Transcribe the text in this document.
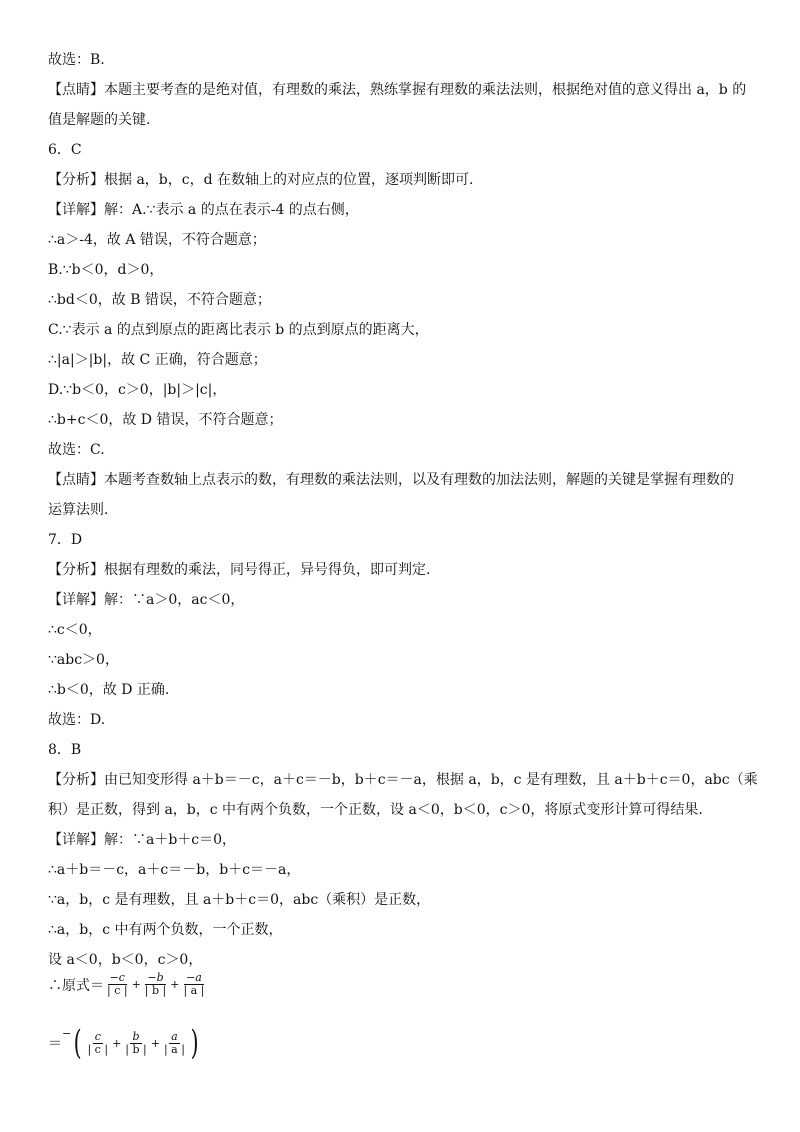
故选：B.
【点睛】本题主要考查的是绝对值，有理数的乘法，熟练掌握有理数的乘法法则，根据绝对值的意义得出 a，b 的
值是解题的关键.
6．C
【分析】根据 a，b，c，d 在数轴上的对应点的位置，逐项判断即可.
【详解】解：A.∵表示 a 的点在表示-4 的点右侧，
∴a＞-4，故 A 错误，不符合题意；
B.∵b＜0，d＞0，
∴bd＜0，故 B 错误，不符合题意；
C.∵表示 a 的点到原点的距离比表示 b 的点到原点的距离大，
∴|a|＞|b|，故 C 正确，符合题意；
D.∵b＜0，c＞0，|b|＞|c|，
∴b+c＜0，故 D 错误，不符合题意；
故选：C.
【点睛】本题考查数轴上点表示的数，有理数的乘法法则，以及有理数的加法法则，解题的关键是掌握有理数的
运算法则.
7．D
【分析】根据有理数的乘法，同号得正，异号得负，即可判定.
【详解】解：∵a＞0，ac＜0，
∴c＜0，
∵abc＞0，
∴b＜0，故 D 正确.
故选：D.
8．B
【分析】由已知变形得 a＋b＝－c，a＋c＝－b，b＋c＝－a，根据 a，b，c 是有理数，且 a＋b＋c＝0，abc（乘
积）是正数，得到 a，b，c 中有两个负数，一个正数，设 a＜0，b＜0，c＞0，将原式变形计算可得结果.
【详解】解：∵a＋b＋c＝0，
∴a＋b＝－c，a＋c＝－b，b＋c＝－a，
∵a，b，c 是有理数，且 a＋b＋c＝0，abc（乘积）是正数，
∴a，b，c 中有两个负数，一个正数，
设 a＜0，b＜0，c＞0，
∴原式＝ $\frac{-c}{| c |} + \frac{-b}{| b |} + \frac{-a}{| a |}$
＝
− ( $\frac{c}{| c |} + \frac{b}{| b |} + \frac{a}{| a |}$ )
